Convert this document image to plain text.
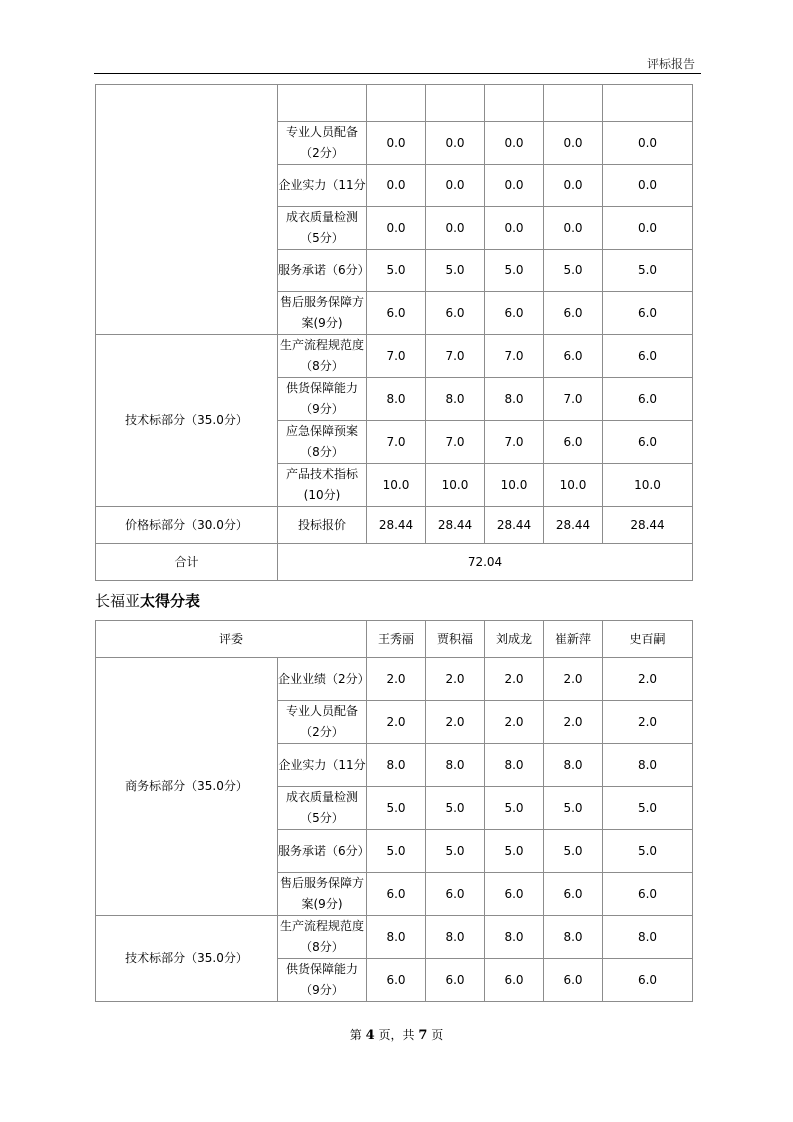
评标报告

	专业人员配备（2分）	0.0	0.0	0.0	0.0	0.0
	企业实力（11分	0.0	0.0	0.0	0.0	0.0
	成衣质量检测（5分）	0.0	0.0	0.0	0.0	0.0
	服务承诺（6分）	5.0	5.0	5.0	5.0	5.0
	售后服务保障方案(9分)	6.0	6.0	6.0	6.0	6.0
技术标部分（35.0分）	生产流程规范度（8分）	7.0	7.0	7.0	6.0	6.0
	供货保障能力（9分）	8.0	8.0	8.0	7.0	6.0
	应急保障预案（8分）	7.0	7.0	7.0	6.0	6.0
	产品技术指标(10分)	10.0	10.0	10.0	10.0	10.0
价格标部分（30.0分）	投标报价	28.44	28.44	28.44	28.44	28.44
合计	72.04					
长福亚太得分表
评委		王秀丽	贾积福	刘成龙	崔新萍	史百嗣
商务标部分（35.0分）	企业业绩（2分）	2.0	2.0	2.0	2.0	2.0
	专业人员配备（2分）	2.0	2.0	2.0	2.0	2.0
	企业实力（11分	8.0	8.0	8.0	8.0	8.0
	成衣质量检测（5分）	5.0	5.0	5.0	5.0	5.0
	服务承诺（6分）	5.0	5.0	5.0	5.0	5.0
	售后服务保障方案(9分)	6.0	6.0	6.0	6.0	6.0
技术标部分（35.0分）	生产流程规范度（8分）	8.0	8.0	8.0	8.0	8.0
	供货保障能力（9分）	6.0	6.0	6.0	6.0	6.0
第 4 页，共 7 页
